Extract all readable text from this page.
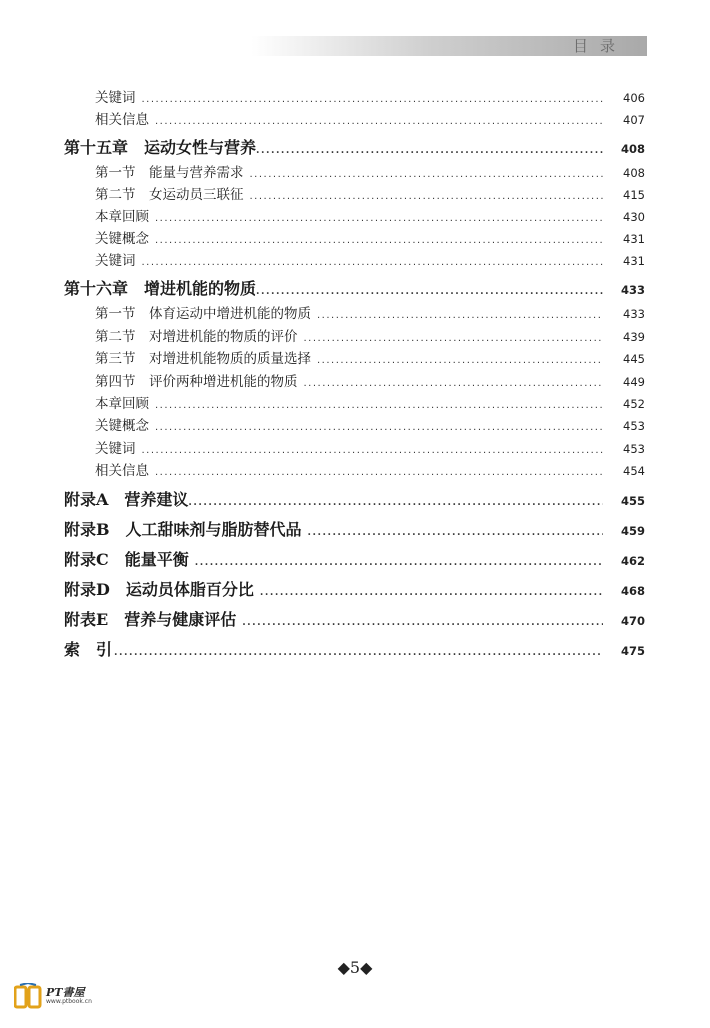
目录
关键词 .....	406
相关信息 .....	407
第十五章　运动女性与营养 .....	408
第一节　能量与营养需求 .....	408
第二节　女运动员三联征 .....	415
本章回顾 .....	430
关键概念 .....	431
关键词 .....	431
第十六章　增进机能的物质 .....	433
第一节　体育运动中增进机能的物质 .....	433
第二节　对增进机能的物质的评价 .....	439
第三节　对增进机能物质的质量选择 .....	445
第四节　评价两种增进机能的物质 .....	449
本章回顾 .....	452
关键概念 .....	453
关键词 .....	453
相关信息 .....	454
附录A　营养建议 .....	455
附录B　人工甜味剂与脂肪替代品 .....	459
附录C　能量平衡 .....	462
附录D　运动员体脂百分比 .....	468
附表E　营养与健康评估 .....	470
索　引 .....	475
◆5◆
PT書屋
www.ptbook.cn
